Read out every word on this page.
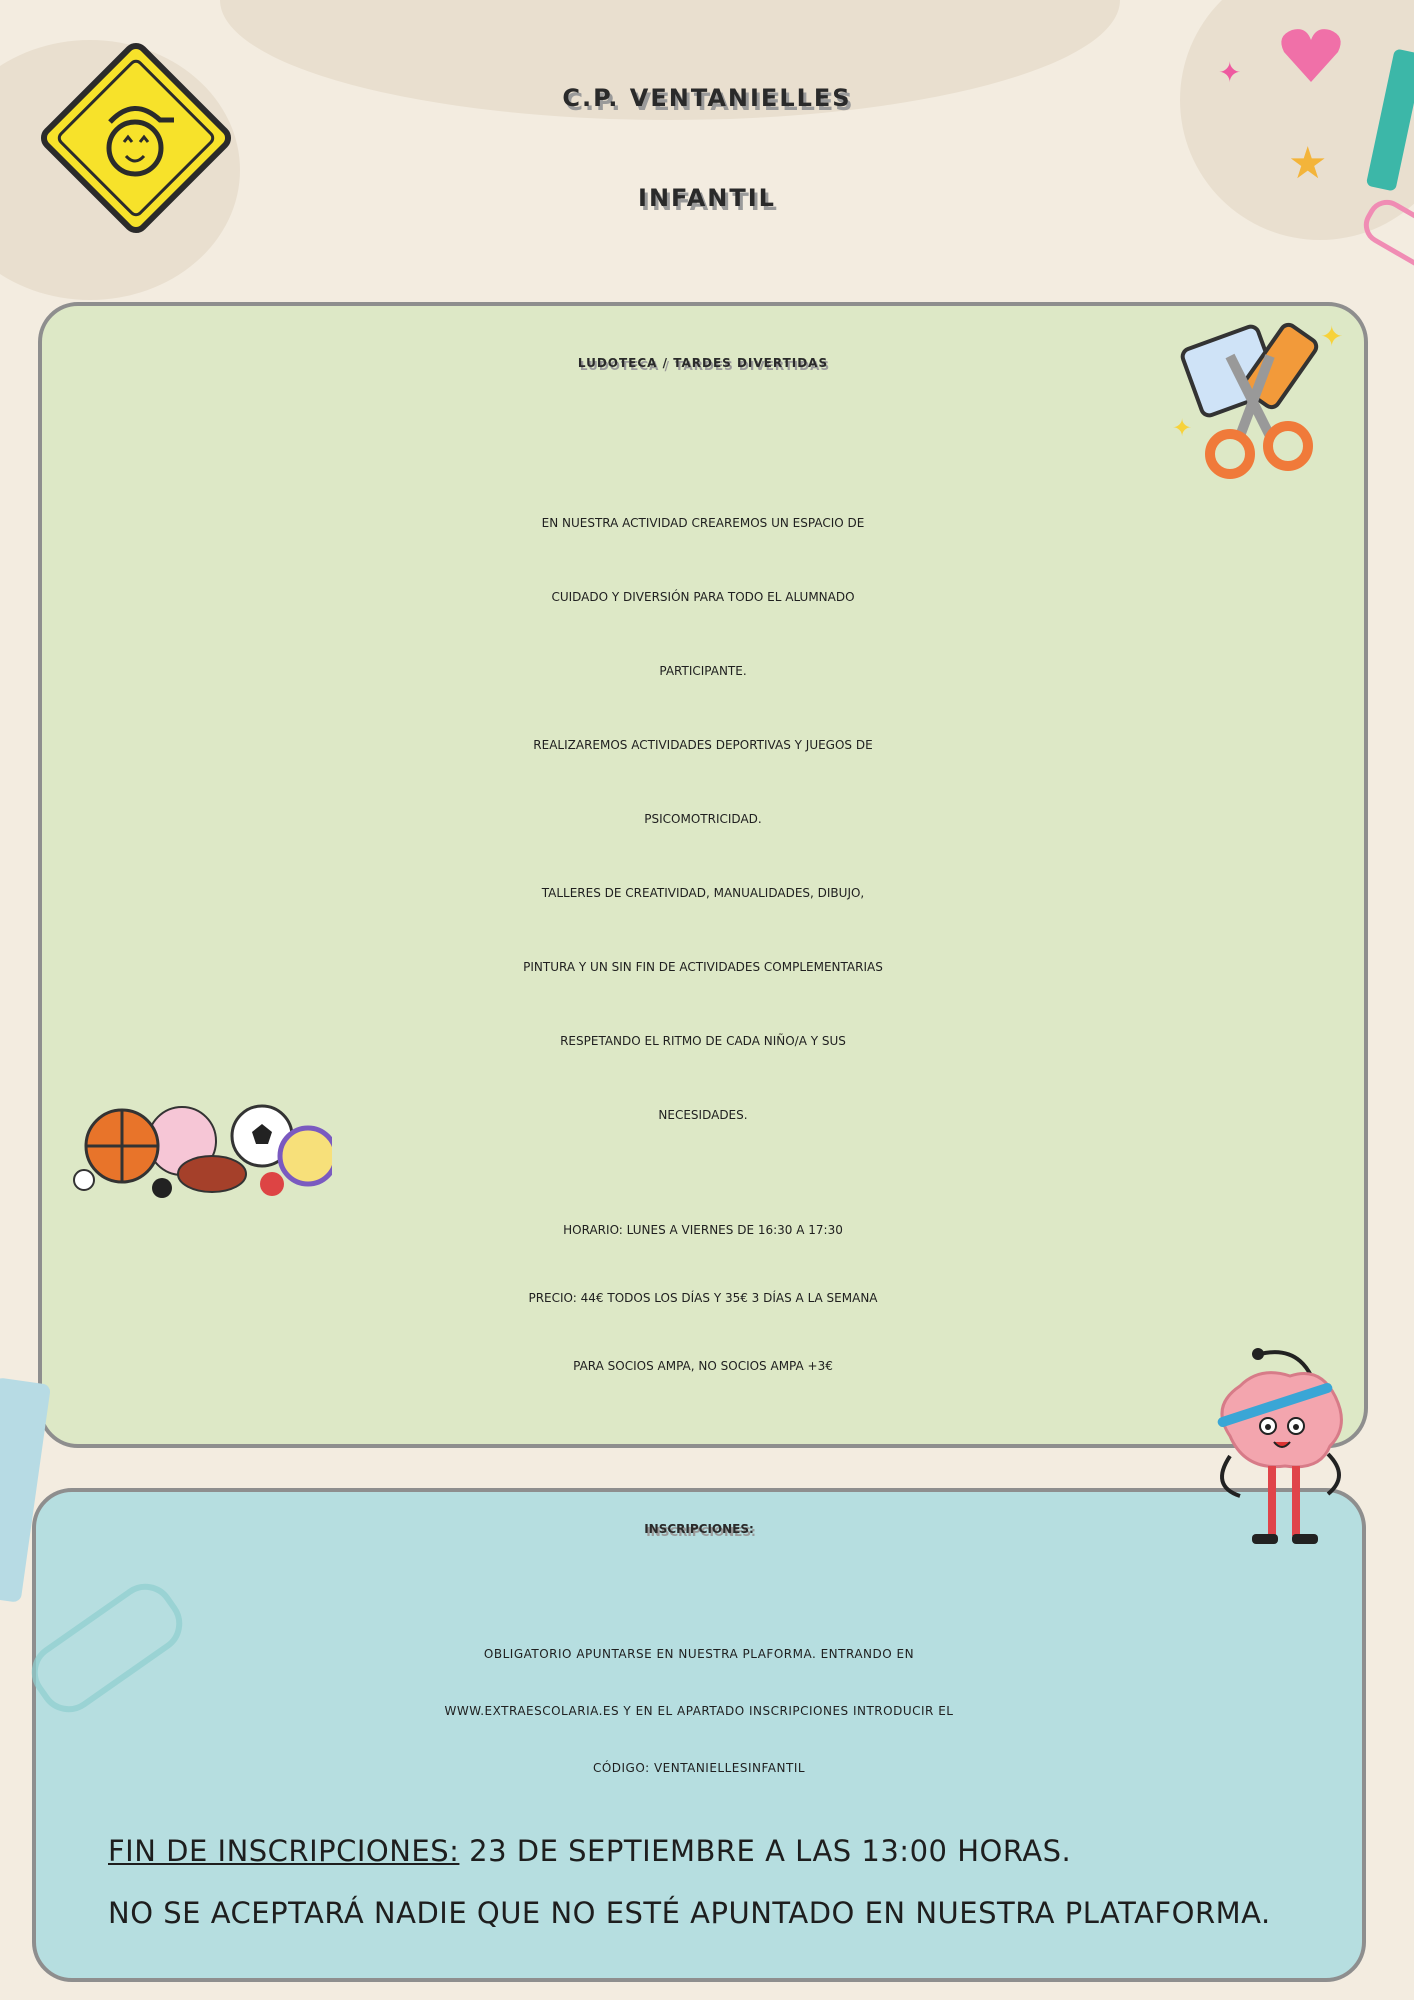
✦
★
C.P. VENTANIELLES
INFANTIL
LUDOTECA / TARDES DIVERTIDAS
✦
✦
EN NUESTRA ACTIVIDAD CREAREMOS UN ESPACIO DE
CUIDADO Y DIVERSIÓN PARA TODO EL ALUMNADO
PARTICIPANTE.
REALIZAREMOS ACTIVIDADES DEPORTIVAS Y JUEGOS DE
PSICOMOTRICIDAD.
TALLERES DE CREATIVIDAD, MANUALIDADES, DIBUJO,
PINTURA Y UN SIN FIN DE ACTIVIDADES COMPLEMENTARIAS
RESPETANDO EL RITMO DE CADA NIÑO/A Y SUS
NECESIDADES.
HORARIO: LUNES A VIERNES DE 16:30 A 17:30
PRECIO: 44€ TODOS LOS DÍAS Y 35€ 3 DÍAS A LA SEMANA
PARA SOCIOS AMPA, NO SOCIOS AMPA +3€
INSCRIPCIONES:
OBLIGATORIO APUNTARSE EN NUESTRA PLAFORMA. ENTRANDO EN
WWW.EXTRAESCOLARIA.ES Y EN EL APARTADO INSCRIPCIONES INTRODUCIR EL
CÓDIGO: VENTANIELLESINFANTIL
FIN DE INSCRIPCIONES: 23 DE SEPTIEMBRE A LAS 13:00 HORAS.
NO SE ACEPTARÁ NADIE QUE NO ESTÉ APUNTADO EN NUESTRA PLATAFORMA.
